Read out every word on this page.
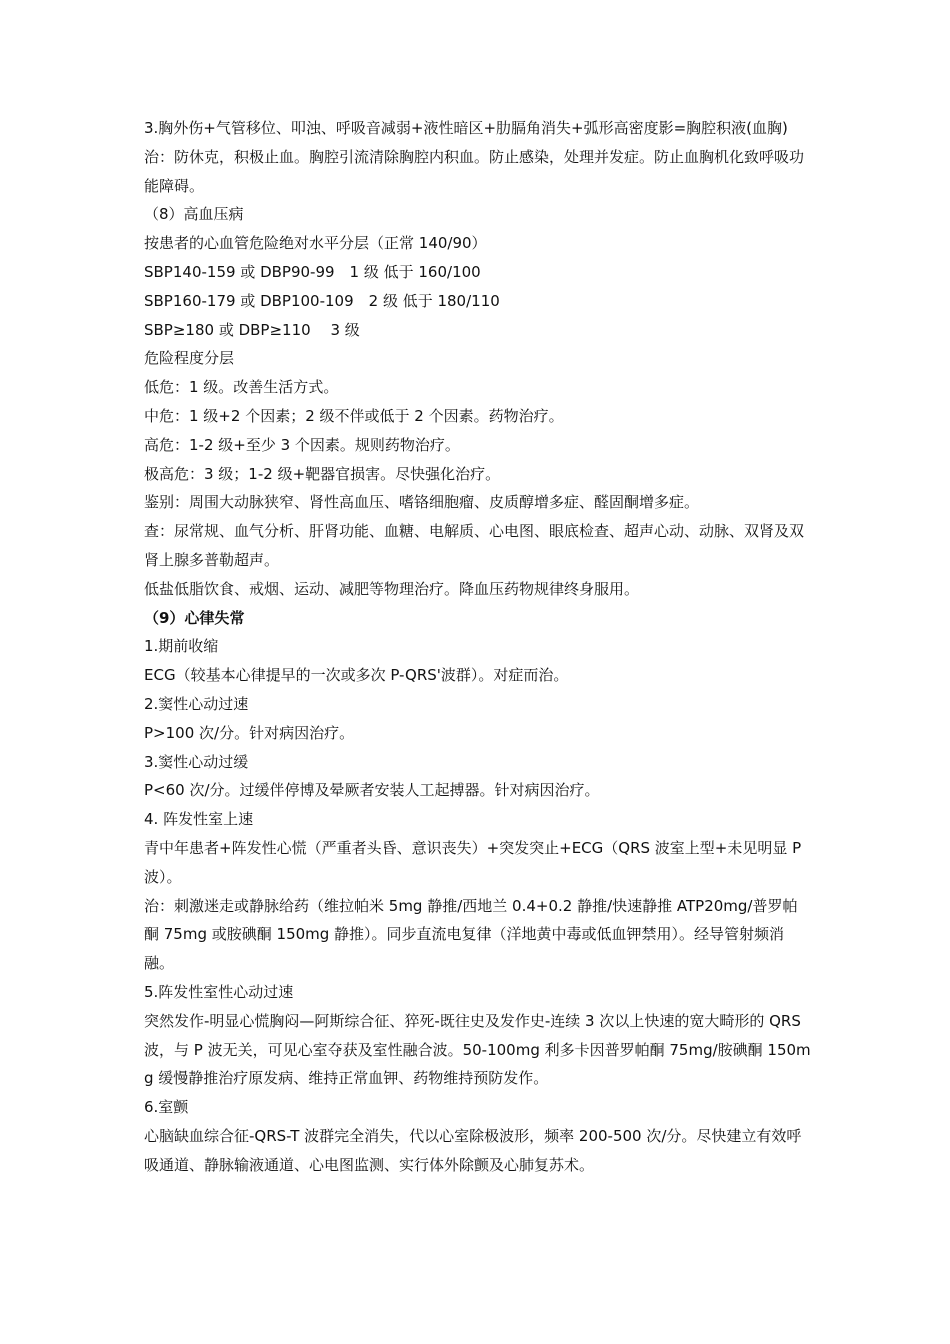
3.胸外伤+气管移位、叩浊、呼吸音减弱+液性暗区+肋膈角消失+弧形高密度影=胸腔积液(血胸)

治：防休克，积极止血。胸腔引流清除胸腔内积血。防止感染，处理并发症。防止血胸机化致呼吸功能障碍。

（8）高血压病

按患者的心血管危险绝对水平分层（正常 140/90）

SBP140-159 或 DBP90-99　1 级 低于 160/100

SBP160-179 或 DBP100-109　2 级 低于 180/110

SBP≥180 或 DBP≥110　 3 级

危险程度分层

低危：1 级。改善生活方式。

中危：1 级+2 个因素；2 级不伴或低于 2 个因素。药物治疗。

高危：1-2 级+至少 3 个因素。规则药物治疗。

极高危：3 级；1-2 级+靶器官损害。尽快强化治疗。

鉴别：周围大动脉狭窄、肾性高血压、嗜铬细胞瘤、皮质醇增多症、醛固酮增多症。

查：尿常规、血气分析、肝肾功能、血糖、电解质、心电图、眼底检查、超声心动、动脉、双肾及双肾上腺多普勒超声。

低盐低脂饮食、戒烟、运动、减肥等物理治疗。降血压药物规律终身服用。

（9）心律失常

1.期前收缩

ECG（较基本心律提早的一次或多次 P-QRS'波群）。对症而治。

2.窦性心动过速

P>100 次/分。针对病因治疗。

3.窦性心动过缓

P<60 次/分。过缓伴停博及晕厥者安装人工起搏器。针对病因治疗。

4. 阵发性室上速

青中年患者+阵发性心慌（严重者头昏、意识丧失）+突发突止+ECG（QRS 波室上型+未见明显 P 波）。

治：刺激迷走或静脉给药（维拉帕米 5mg 静推/西地兰 0.4+0.2 静推/快速静推 ATP20mg/普罗帕酮 75mg 或胺碘酮 150mg 静推）。同步直流电复律（洋地黄中毒或低血钾禁用）。经导管射频消融。

5.阵发性室性心动过速

突然发作-明显心慌胸闷—阿斯综合征、猝死-既往史及发作史-连续 3 次以上快速的宽大畸形的 QRS 波，与 P 波无关，可见心室夺获及室性融合波。50-100mg 利多卡因普罗帕酮 75mg/胺碘酮 150mg 缓慢静推治疗原发病、维持正常血钾、药物维持预防发作。

6.室颤

心脑缺血综合征-QRS-T 波群完全消失，代以心室除极波形，频率 200-500 次/分。尽快建立有效呼吸通道、静脉输液通道、心电图监测、实行体外除颤及心肺复苏术。
